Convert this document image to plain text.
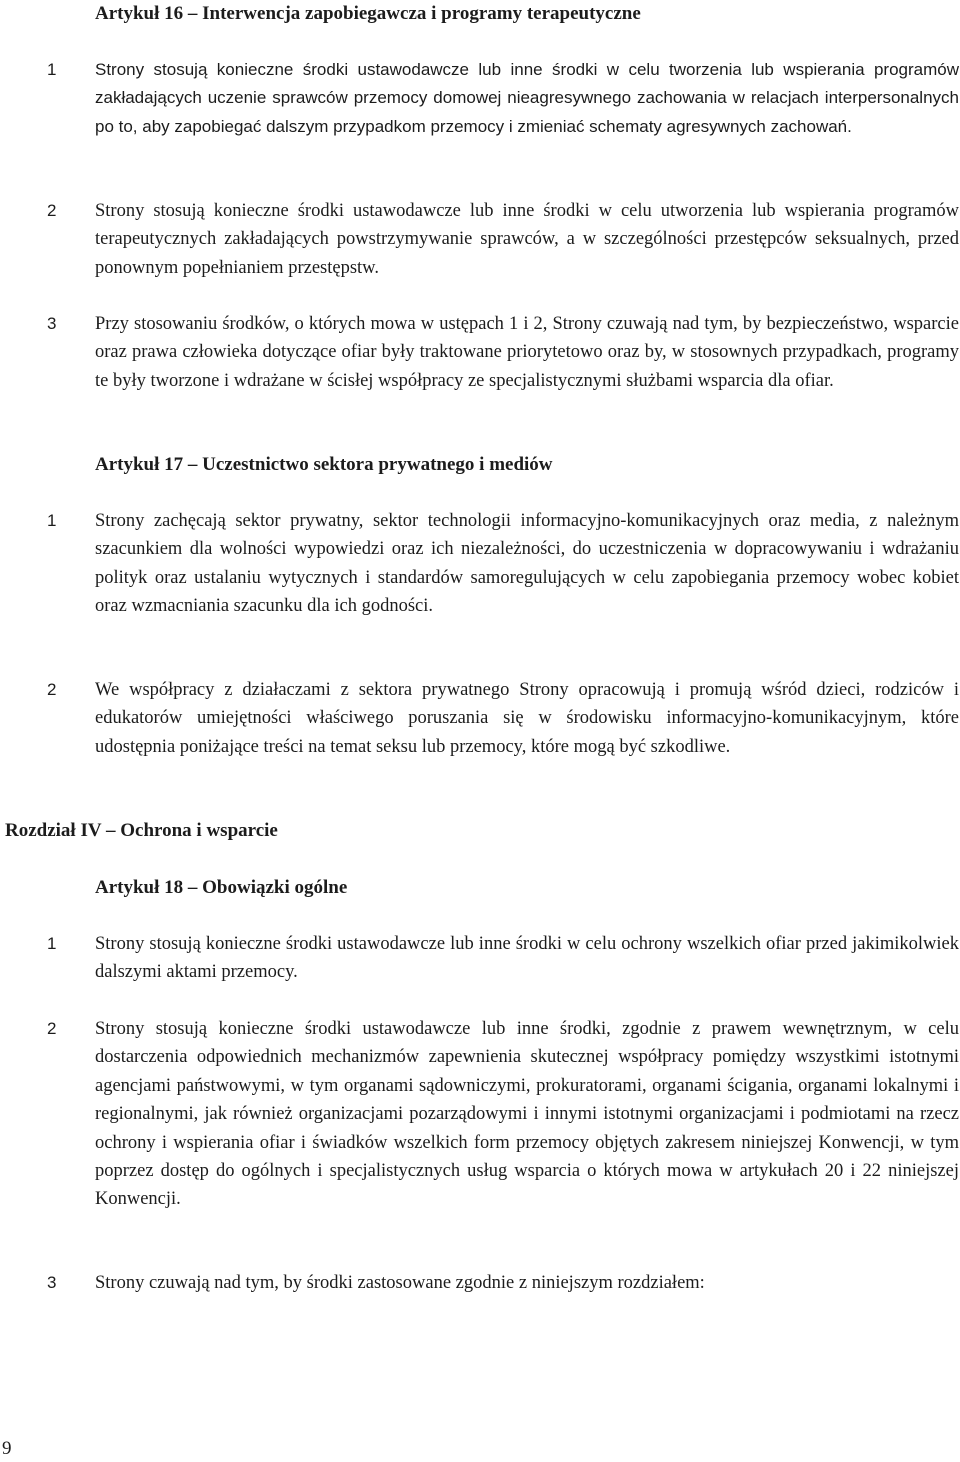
Artykuł 16 – Interwencja zapobiegawcza i programy terapeutyczne
1 Strony stosują konieczne środki ustawodawcze lub inne środki w celu tworzenia lub wspierania programów zakładających uczenie sprawców przemocy domowej nieagresywnego zachowania w relacjach interpersonalnych po to, aby zapobiegać dalszym przypadkom przemocy i zmieniać schematy agresywnych zachowań.

2 Strony stosują konieczne środki ustawodawcze lub inne środki w celu utworzenia lub wspierania programów terapeutycznych zakładających powstrzymywanie sprawców, a w szczególności przestępców seksualnych, przed ponownym popełnianiem przestępstw.

3 Przy stosowaniu środków, o których mowa w ustępach 1 i 2, Strony czuwają nad tym, by bezpieczeństwo, wsparcie oraz prawa człowieka dotyczące ofiar były traktowane priorytetowo oraz by, w stosownych przypadkach, programy te były tworzone i wdrażane w ścisłej współpracy ze specjalistycznymi służbami wsparcia dla ofiar.

Artykuł 17 – Uczestnictwo sektora prywatnego i mediów
1 Strony zachęcają sektor prywatny, sektor technologii informacyjno-komunikacyjnych oraz media, z należnym szacunkiem dla wolności wypowiedzi oraz ich niezależności, do uczestniczenia w dopracowywaniu i wdrażaniu polityk oraz ustalaniu wytycznych i standardów samoregulujących w celu zapobiegania przemocy wobec kobiet oraz wzmacniania szacunku dla ich godności.

2 We współpracy z działaczami z sektora prywatnego Strony opracowują i promują wśród dzieci, rodziców i edukatorów umiejętności właściwego poruszania się w środowisku informacyjno-komunikacyjnym, które udostępnia poniżające treści na temat seksu lub przemocy, które mogą być szkodliwe.

Rozdział IV – Ochrona i wsparcie
Artykuł 18 – Obowiązki ogólne
1 Strony stosują konieczne środki ustawodawcze lub inne środki w celu ochrony wszelkich ofiar przed jakimikolwiek dalszymi aktami przemocy.

2 Strony stosują konieczne środki ustawodawcze lub inne środki, zgodnie z prawem wewnętrznym, w celu dostarczenia odpowiednich mechanizmów zapewnienia skutecznej współpracy pomiędzy wszystkimi istotnymi agencjami państwowymi, w tym organami sądowniczymi, prokuratorami, organami ścigania, organami lokalnymi i regionalnymi, jak również organizacjami pozarządowymi i innymi istotnymi organizacjami i podmiotami na rzecz ochrony i wspierania ofiar i świadków wszelkich form przemocy objętych zakresem niniejszej Konwencji, w tym poprzez dostęp do ogólnych i specjalistycznych usług wsparcia o których mowa w artykułach 20 i 22 niniejszej Konwencji.

3 Strony czuwają nad tym, by środki zastosowane zgodnie z niniejszym rozdziałem:

9
